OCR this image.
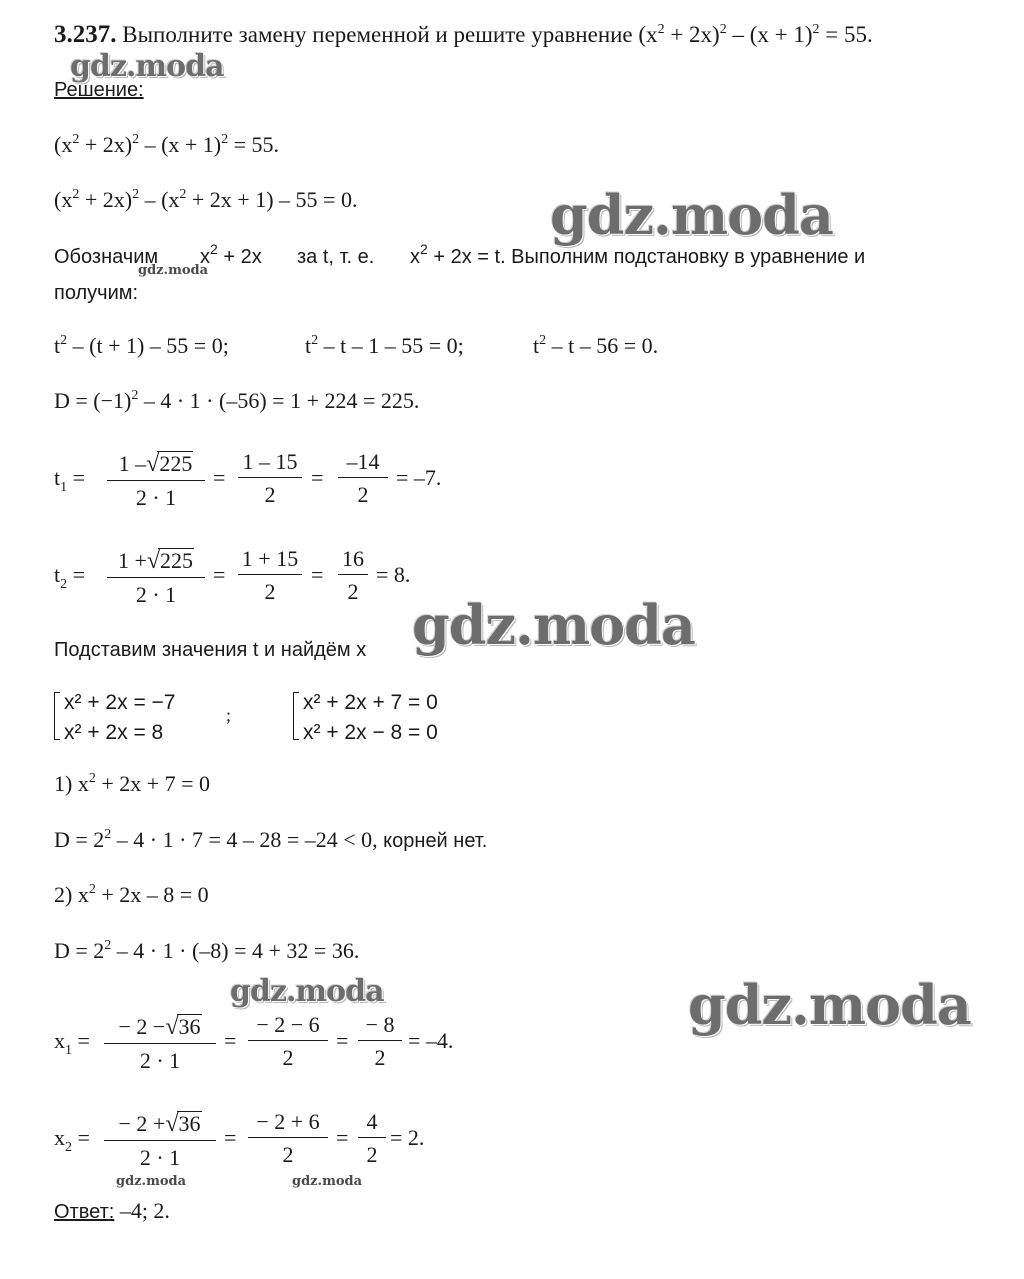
3.237. Выполните замену переменной и решите уравнение $(x^2 + 2x)^2 - (x + 1)^2 = 55$.
gdz.moda
Решение:
$(x^2 + 2x)^2 - (x + 1)^2 = 55$.
$(x^2 + 2x)^2 - (x^2 + 2x + 1) - 55 = 0$.	gdz.moda
Обозначим
gdz.moda
$x^2 + 2x$ за t, т. е. $x^2 + 2x = t$. Выполним подстановку в уравнение и
получим:
$t^2 - (t + 1) - 55 = 0$;	$t^2 - t - 1 - 55 = 0$;	$t^2 - t - 56 = 0$.
$D = (-1)^2 - 4 \cdot 1 \cdot (-56) = 1 + 224 = 225$.
$t_1$ =
1 –√225
2 · 1
=
1 – 15
2
=
–14
2
= –7.
$t_2$ =
1 +√225
2 · 1
=
1 + 15
2
=
16
2
= 8.
Подставим значения t и найдём x gdz.moda
x² + 2x = −7
x² + 2x = 8
;
x² + 2x + 7 = 0
x² + 2x − 8 = 0
1) $x^2 + 2x + 7 = 0$
$D = 2^2 - 4 \cdot 1 \cdot 7 = 4 - 28 = -24 < 0$, корней нет.
2) $x^2 + 2x - 8 = 0$
$D = 2^2 - 4 \cdot 1 \cdot (-8) = 4 + 32 = 36$.
gdz.moda	gdz.moda
$x_1$ =
− 2 −√36
2 · 1
=
− 2 − 6
2
=
− 8
2
= –4.
$x_2$ =
− 2 +√36
2 · 1
=
− 2 + 6
2
=
4
2
= 2.
gdz.moda	gdz.moda
Ответ: –4; 2.
